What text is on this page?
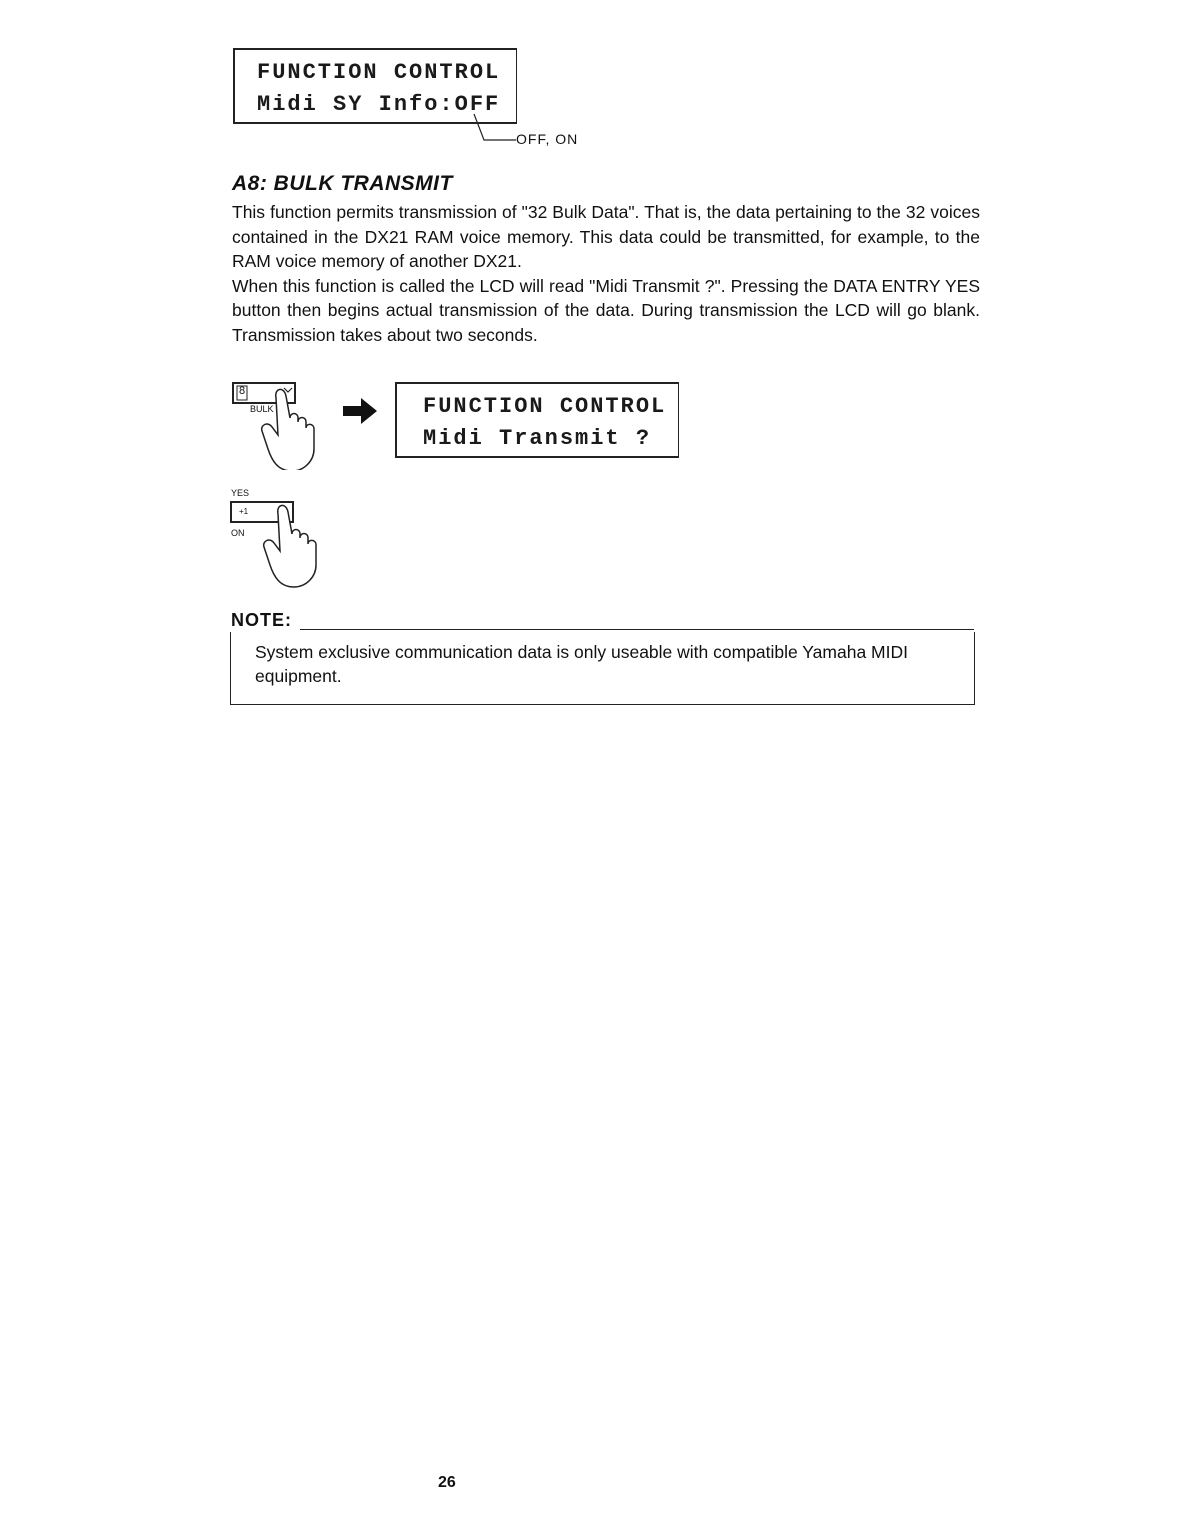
FUNCTION CONTROL
Midi SY Info:OFF
OFF, ON
A8: BULK TRANSMIT

This function permits transmission of "32 Bulk Data". That is, the data pertaining to the 32 voices contained in the DX21 RAM voice memory. This data could be transmitted, for example, to the RAM voice memory of another DX21.

When this function is called the LCD will read "Midi Transmit ?". Pressing the DATA ENTRY YES button then begins actual transmission of the data. During transmission the LCD will go blank. Transmission takes about two seconds.

8
BULK	FUNCTION CONTROL
Midi Transmit ?
YES
+1
ON
NOTE:
System exclusive communication data is only useable with compatible Yamaha MIDI equipment.
26
